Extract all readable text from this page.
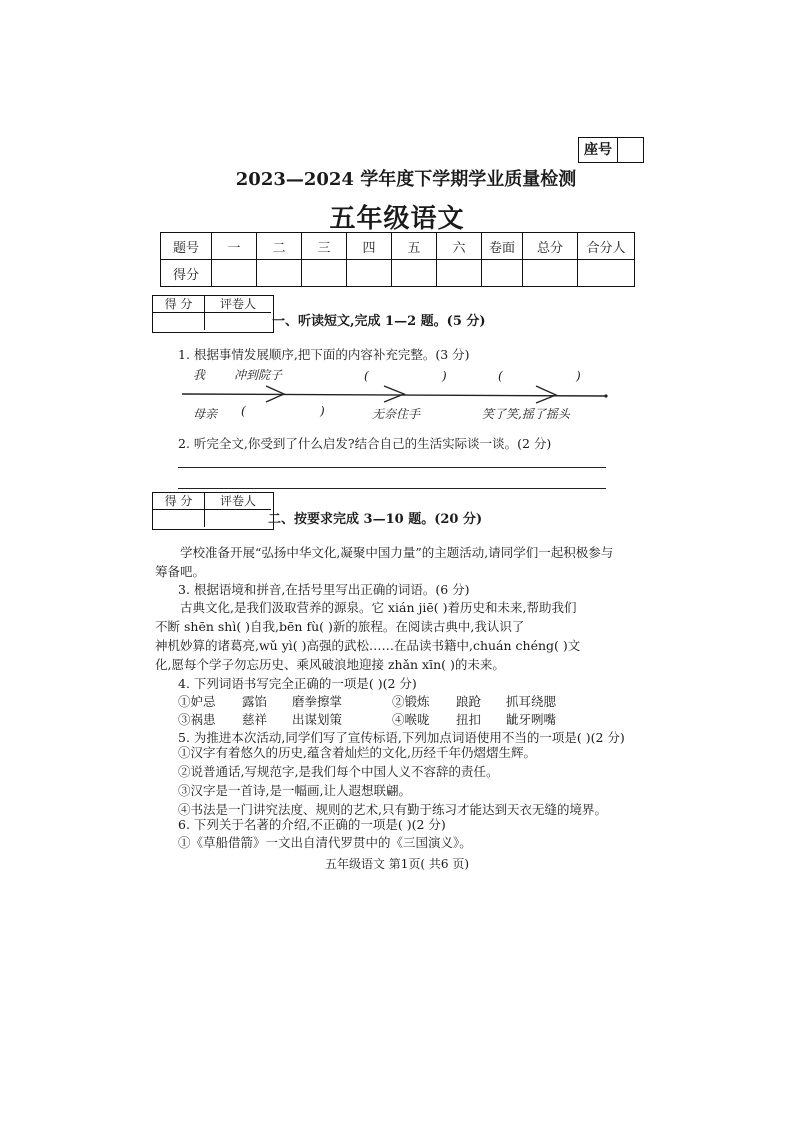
座号
2023—2024 学年度下学期学业质量检测
五年级语文
题号	一	二	三	四	五	六	卷面	总分	合分人
得分									
得 分	评卷人
一、听读短文,完成 1—2 题。(5 分)
1. 根据事情发展顺序,把下面的内容补充完整。(3 分)
我 冲到院子	(	)	(	)
母亲 (	)	无奈住手	笑了笑,摇了摇头
2. 听完全文,你受到了什么启发?结合自己的生活实际谈一谈。(2 分)
得 分	评卷人
二、按要求完成 3—10 题。(20 分)
学校准备开展“弘扬中华文化,凝聚中国力量”的主题活动,请同学们一起积极参与
筹备吧。
3. 根据语境和拼音,在括号里写出正确的词语。(6 分)
古典文化,是我们汲取营养的源泉。它 xián jiē( )着历史和未来,帮助我们
不断 shēn shì( )自我,bēn fù( )新的旅程。在阅读古典中,我认识了
神机妙算的诸葛亮,wǔ yì( )高强的武松……在品读书籍中,chuán chéng( )文
化,愿每个学子勿忘历史、乘风破浪地迎接 zhǎn xīn( )的未来。
4. 下列词语书写完全正确的一项是( )(2 分)
①妒忌	露馅	磨拳擦掌	②锻炼	踉跄	抓耳绕腮
③祸患	慈祥	出谋划策	④喉咙	扭扣	龇牙咧嘴
5. 为推进本次活动,同学们写了宣传标语,下列加点词语使用不当的一项是( )(2 分)
①汉字有着悠久的历史,蕴含着灿烂的文化,历经千年仍熠熠生辉。
②说普通话,写规范字,是我们每个中国人义不容辞的责任。
③汉字是一首诗,是一幅画,让人遐想联翩。
④书法是一门讲究法度、规则的艺术,只有勤于练习才能达到天衣无缝的境界。
6. 下列关于名著的介绍,不正确的一项是( )(2 分)
①《草船借箭》一文出自清代罗贯中的《三国演义》。
五年级语文 第1页( 共6 页)
